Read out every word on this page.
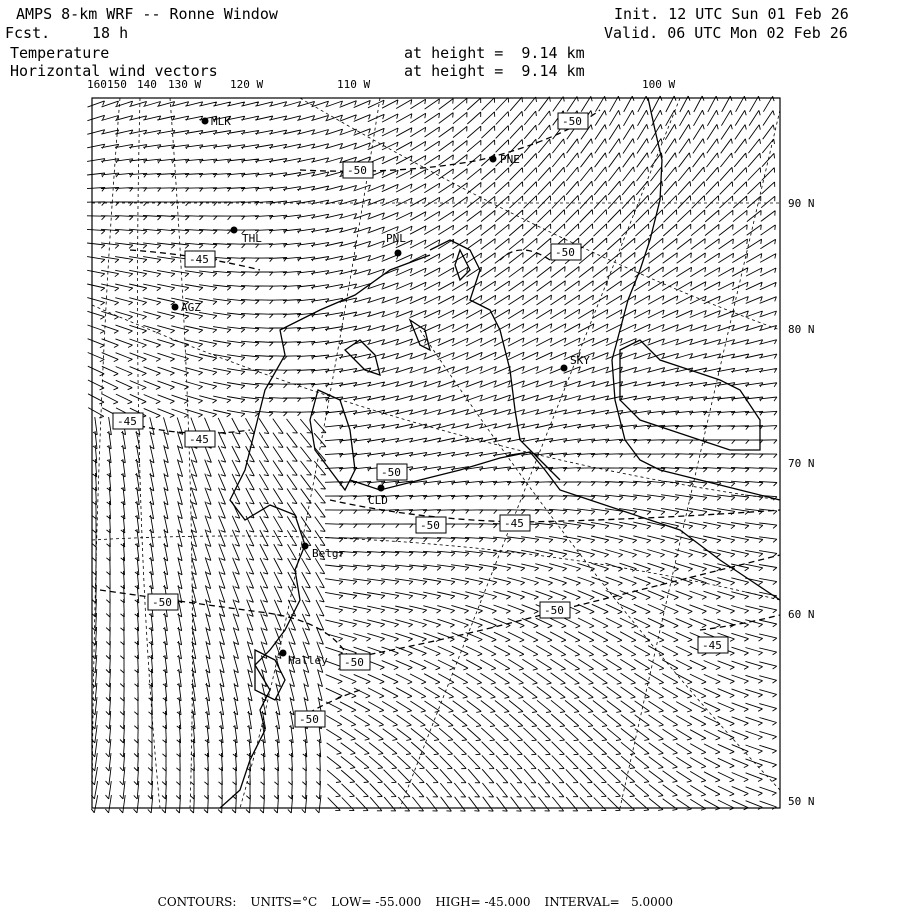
AMPS 8-km WRF -- Ronne Window
Fcst.	18 h
Init. 12 UTC Sun 01 Feb 26
Valid. 06 UTC Mon 02 Feb 26
Temperature
Horizontal wind vectors
at height =  9.14 km
at height =  9.14 km
160 150 140 130 W	120 W	110 W	100 W
90 N
80 N
70 N
60 N
50 N
MLK
PNE
THL	PNL
AGZ
SKY
CLD
Belgr
Halley
-50
-50
-50
-45
-45
-45
-50
-50	-45
-50
-50
-50
-45
-50

CONTOURS: UNITS=°C LOW= -55.000 HIGH= -45.000 INTERVAL=   5.0000
